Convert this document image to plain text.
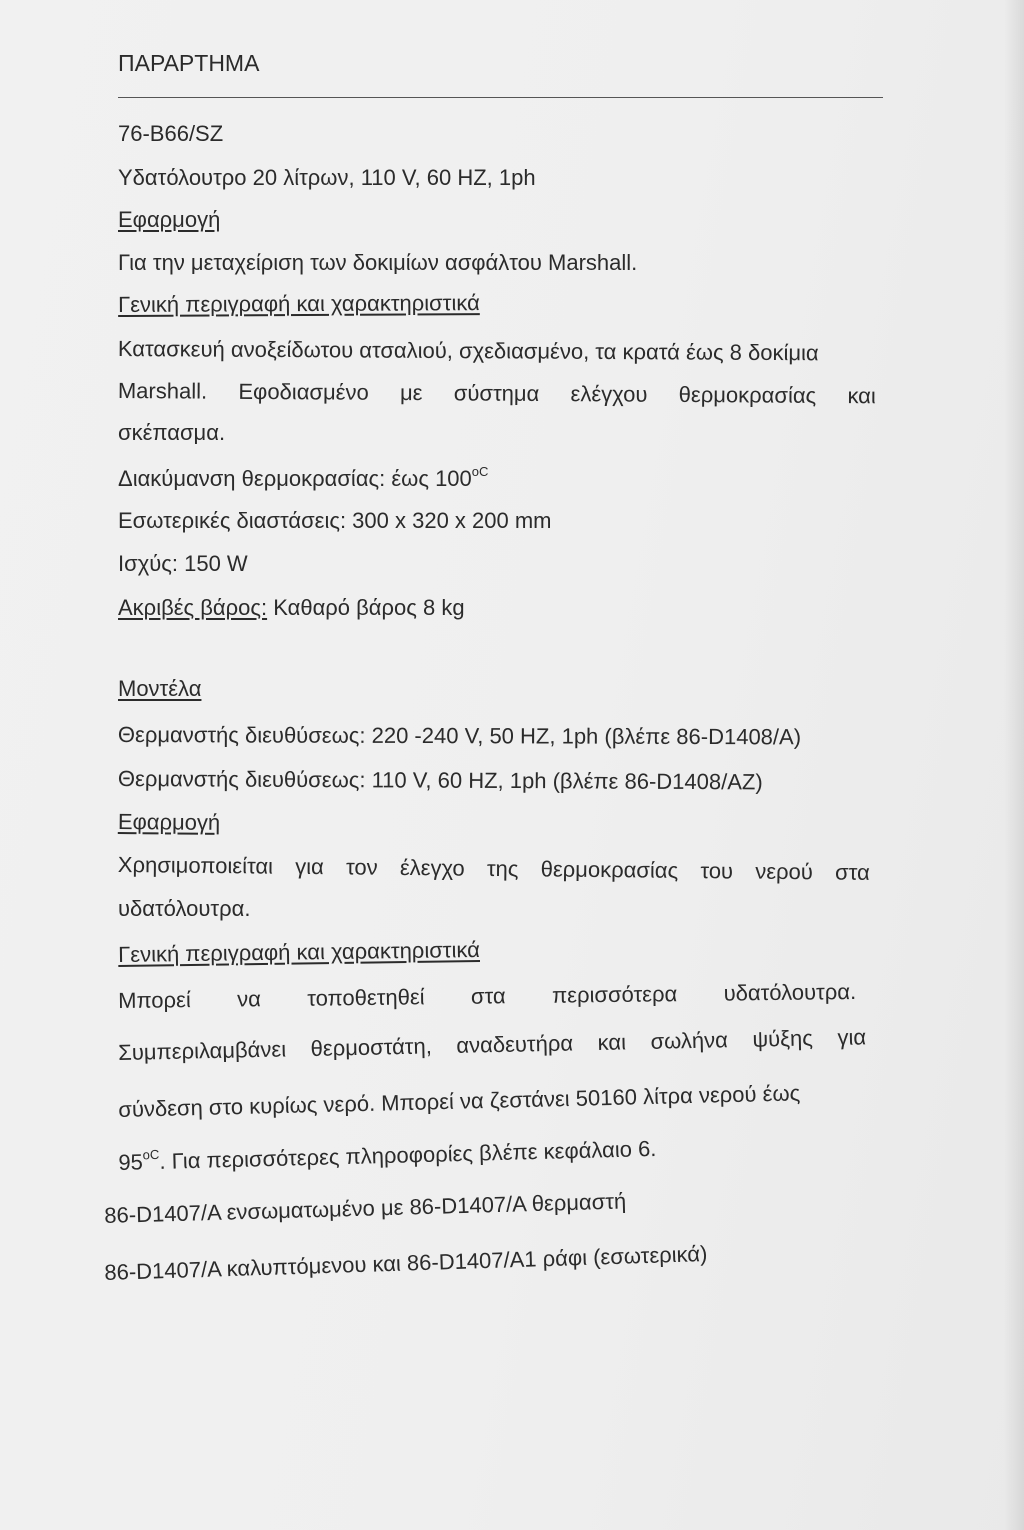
ΠΑΡΑΡΤΗΜΑ
76-B66/SZ
Υδατόλουτρο 20 λίτρων, 110 V, 60 HZ, 1ph
Εφαρμογή
Για την μεταχείριση των δοκιμίων ασφάλτου Marshall.
Γενική περιγραφή και χαρακτηριστικά
Κατασκευή ανοξείδωτου ατσαλιού, σχεδιασμένο, τα κρατά έως 8 δοκίμια
Marshall. Εφοδιασμένο με σύστημα ελέγχου θερμοκρασίας και
σκέπασμα.
Διακύμανση θερμοκρασίας: έως $100^{oC}$
Εσωτερικές διαστάσεις: 300 x 320 x 200 mm
Ισχύς: 150 W
Ακριβές βάρος: Καθαρό βάρος 8 kg
Μοντέλα
Θερμανστής διευθύσεως: 220 -240 V, 50 HZ, 1ph (βλέπε 86-D1408/A)
Θερμανστής διευθύσεως: 110 V, 60 HZ, 1ph (βλέπε 86-D1408/AZ)
Εφαρμογή
Χρησιμοποιείται για τον έλεγχο της θερμοκρασίας του νερού στα
υδατόλουτρα.
Γενική περιγραφή και χαρακτηριστικά
Μπορεί να τοποθετηθεί στα περισσότερα υδατόλουτρα.
Συμπεριλαμβάνει θερμοστάτη, αναδευτήρα και σωλήνα ψύξης για
σύνδεση στο κυρίως νερό. Μπορεί να ζεστάνει 50160 λίτρα νερού έως
$95^{oC}$. Για περισσότερες πληροφορίες βλέπε κεφάλαιο 6.
86-D1407/A ενσωματωμένο με 86-D1407/A θερμαστή
86-D1407/A καλυπτόμενου και 86-D1407/A1 ράφι (εσωτερικά)
